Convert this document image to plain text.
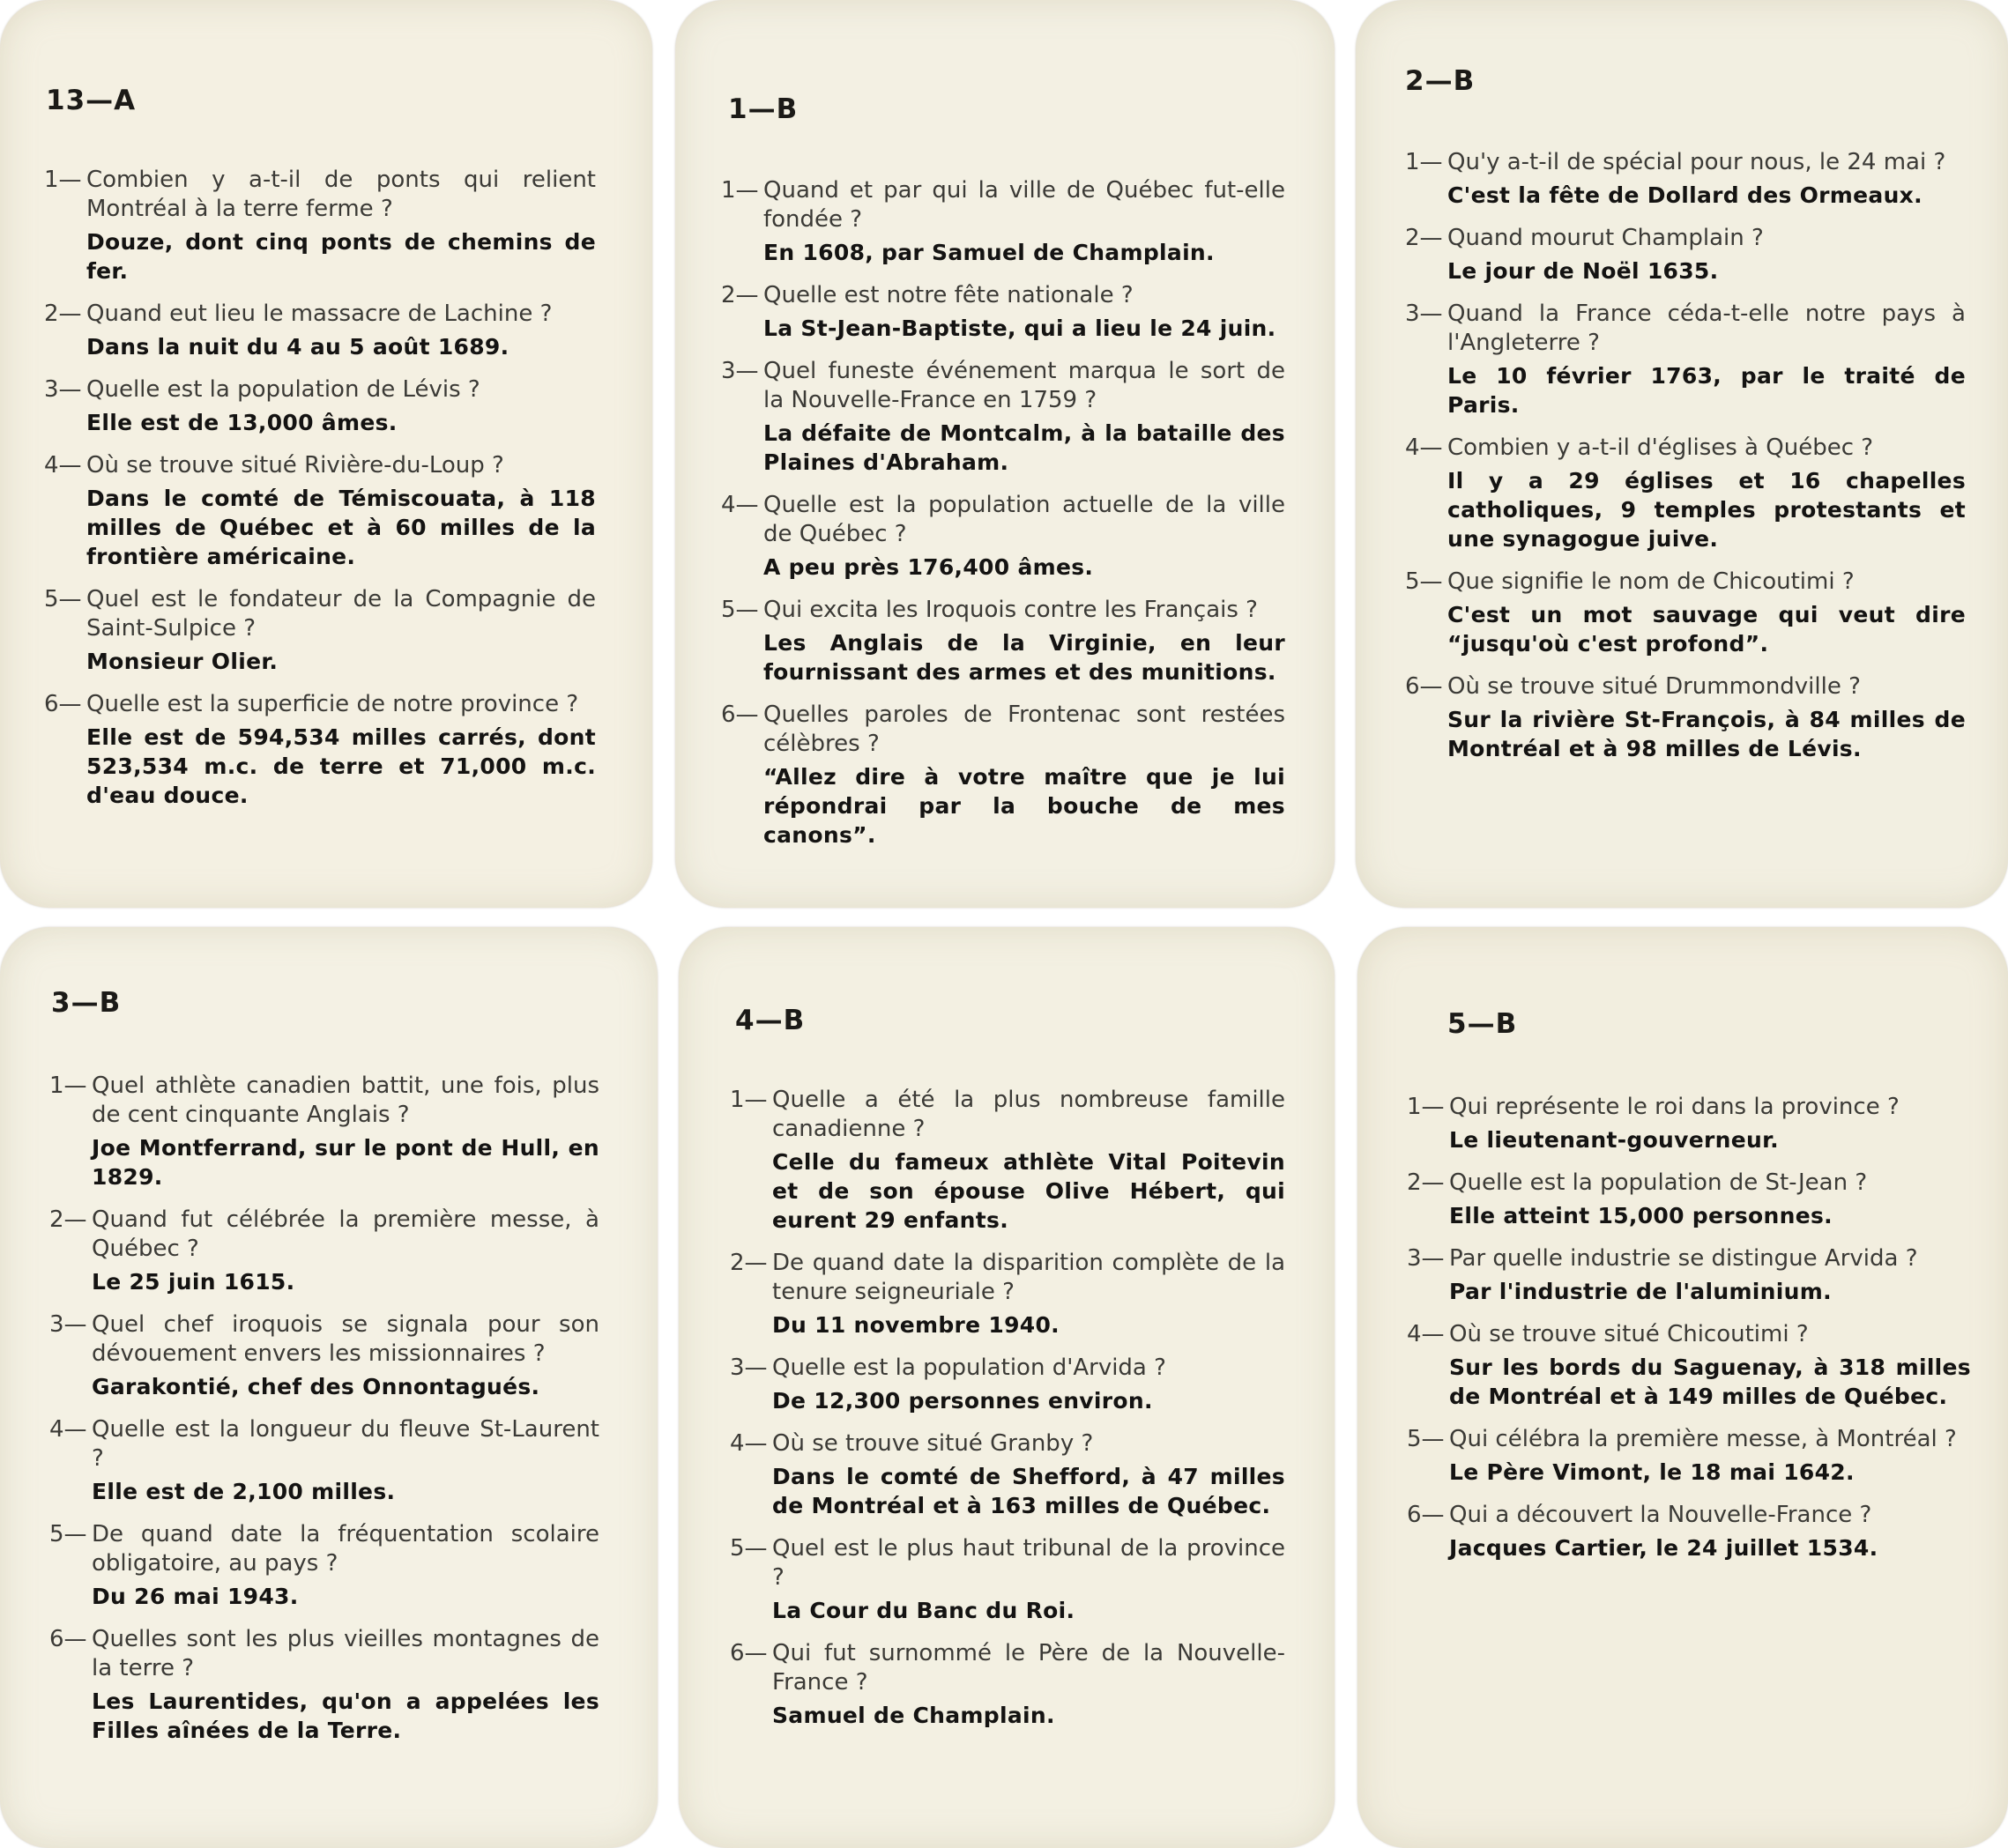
13—A
1— Combien y a-t-il de ponts qui relient Montréal à la terre ferme ?

Douze, dont cinq ponts de chemins de fer.

2— Quand eut lieu le massacre de Lachine ?

Dans la nuit du 4 au 5 août 1689.

3— Quelle est la population de Lévis ?

Elle est de 13,000 âmes.

4— Où se trouve situé Rivière-du-Loup ?

Dans le comté de Témiscouata, à 118 milles de Québec et à 60 milles de la frontière américaine.

5— Quel est le fondateur de la Compagnie de Saint-Sulpice ?

Monsieur Olier.

6— Quelle est la superficie de notre province ?

Elle est de 594,534 milles carrés, dont 523,534 m.c. de terre et 71,000 m.c. d'eau douce.

1—B
1— Quand et par qui la ville de Québec fut-elle fondée ?

En 1608, par Samuel de Champlain.

2— Quelle est notre fête nationale ?

La St-Jean-Baptiste, qui a lieu le 24 juin.

3— Quel funeste événement marqua le sort de la Nouvelle-France en 1759 ?

La défaite de Montcalm, à la bataille des Plaines d'Abraham.

4— Quelle est la population actuelle de la ville de Québec ?

A peu près 176,400 âmes.

5— Qui excita les Iroquois contre les Français ?

Les Anglais de la Virginie, en leur fournissant des armes et des munitions.

6— Quelles paroles de Frontenac sont restées célèbres ?

“Allez dire à votre maître que je lui répondrai par la bouche de mes canons”.

2—B
1— Qu'y a-t-il de spécial pour nous, le 24 mai ?

C'est la fête de Dollard des Ormeaux.

2— Quand mourut Champlain ?

Le jour de Noël 1635.

3— Quand la France céda-t-elle notre pays à l'Angleterre ?

Le 10 février 1763, par le traité de Paris.

4— Combien y a-t-il d'églises à Québec ?

Il y a 29 églises et 16 chapelles catholiques, 9 temples protestants et une synagogue juive.

5— Que signifie le nom de Chicoutimi ?

C'est un mot sauvage qui veut dire “jusqu'où c'est profond”.

6— Où se trouve situé Drummondville ?

Sur la rivière St-François, à 84 milles de Montréal et à 98 milles de Lévis.

3—B
1— Quel athlète canadien battit, une fois, plus de cent cinquante Anglais ?

Joe Montferrand, sur le pont de Hull, en 1829.

2— Quand fut célébrée la première messe, à Québec ?

Le 25 juin 1615.

3— Quel chef iroquois se signala pour son dévouement envers les missionnaires ?

Garakontié, chef des Onnontagués.

4— Quelle est la longueur du fleuve St-Laurent ?

Elle est de 2,100 milles.

5— De quand date la fréquentation scolaire obligatoire, au pays ?

Du 26 mai 1943.

6— Quelles sont les plus vieilles montagnes de la terre ?

Les Laurentides, qu'on a appelées les Filles aînées de la Terre.

4—B
1— Quelle a été la plus nombreuse famille canadienne ?

Celle du fameux athlète Vital Poitevin et de son épouse Olive Hébert, qui eurent 29 enfants.

2— De quand date la disparition complète de la tenure seigneuriale ?

Du 11 novembre 1940.

3— Quelle est la population d'Arvida ?

De 12,300 personnes environ.

4— Où se trouve situé Granby ?

Dans le comté de Shefford, à 47 milles de Montréal et à 163 milles de Québec.

5— Quel est le plus haut tribunal de la province ?

La Cour du Banc du Roi.

6— Qui fut surnommé le Père de la Nouvelle-France ?

Samuel de Champlain.

5—B
1— Qui représente le roi dans la province ?

Le lieutenant-gouverneur.

2— Quelle est la population de St-Jean ?

Elle atteint 15,000 personnes.

3— Par quelle industrie se distingue Arvida ?

Par l'industrie de l'aluminium.

4— Où se trouve situé Chicoutimi ?

Sur les bords du Saguenay, à 318 milles de Montréal et à 149 milles de Québec.

5— Qui célébra la première messe, à Montréal ?

Le Père Vimont, le 18 mai 1642.

6— Qui a découvert la Nouvelle-France ?

Jacques Cartier, le 24 juillet 1534.
